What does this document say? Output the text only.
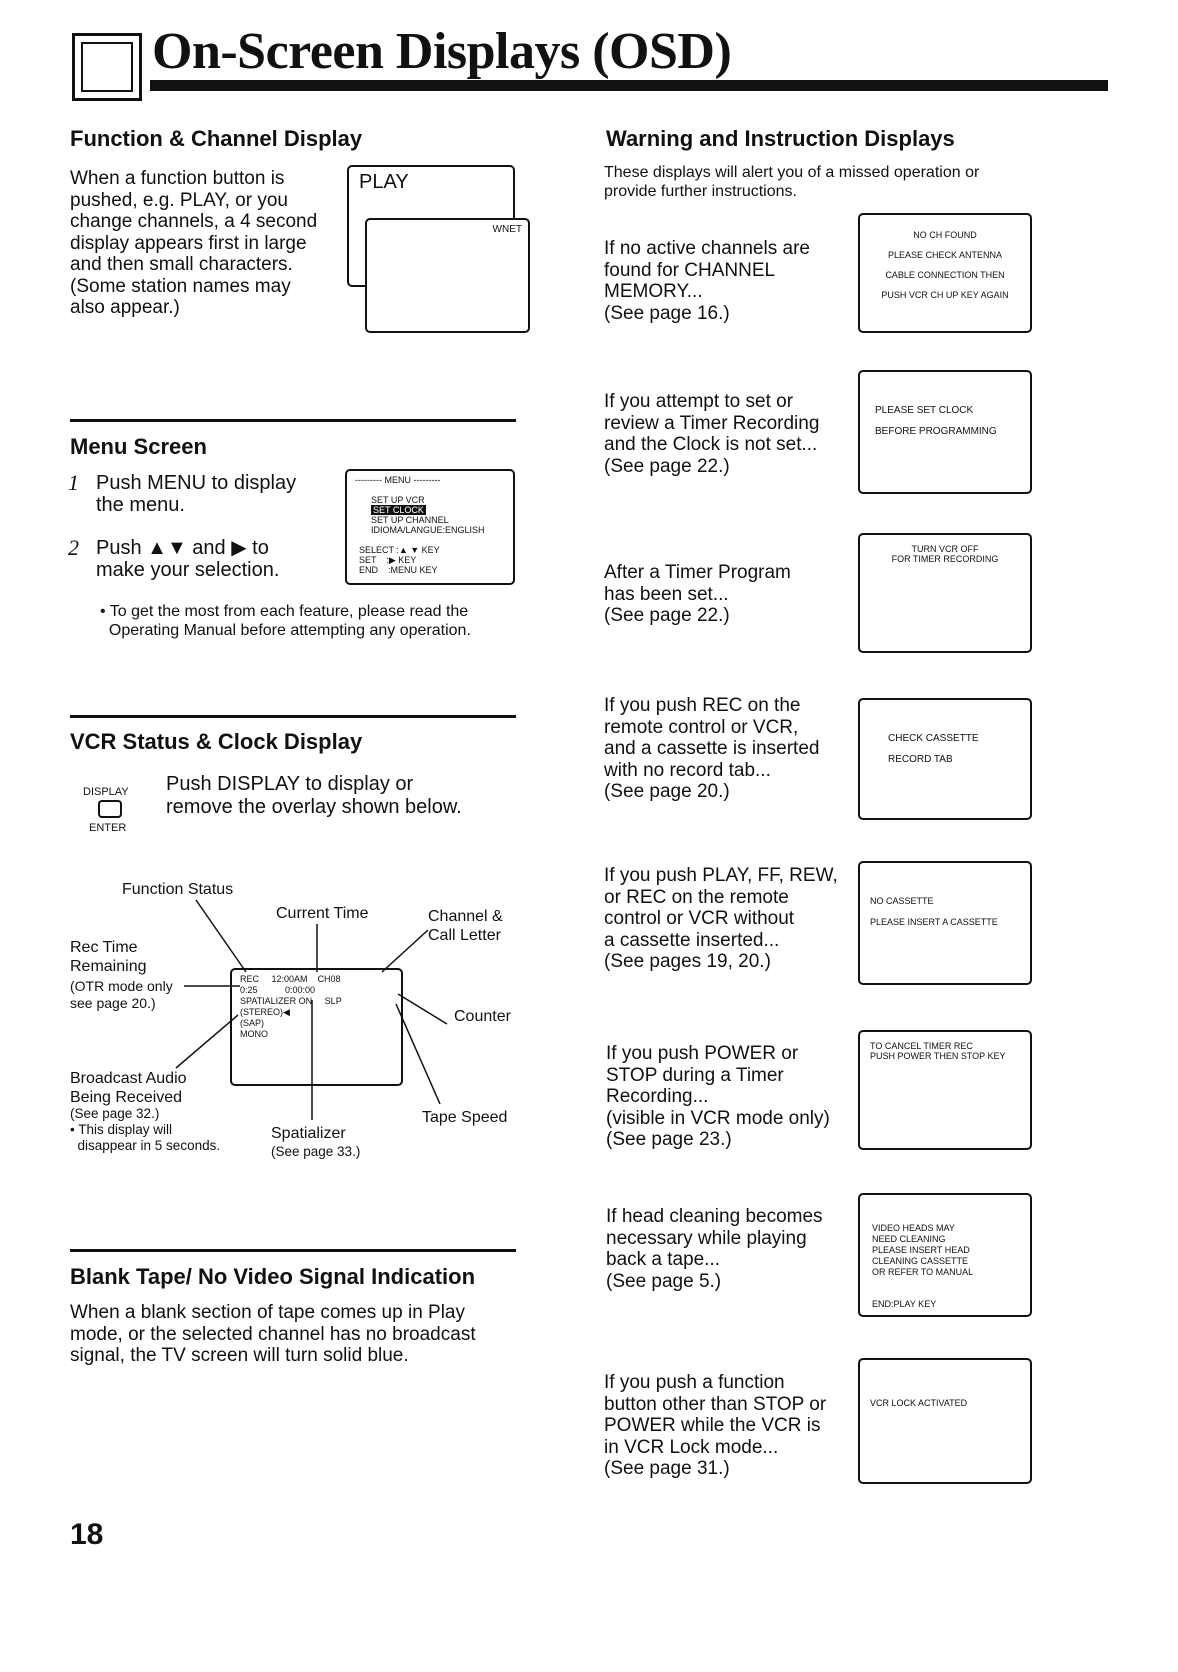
On-Screen Displays (OSD)
Function & Channel Display
When a function button is
pushed, e.g. PLAY, or you
change channels, a 4 second
display appears first in large
and then small characters.
(Some station names may
also appear.)
PLAY
WNET
Menu Screen
1 Push MENU to display
the menu.
2 Push ▲▼ and ▶ to
make your selection.
--------- MENU ---------
SET UP VCR
SET CLOCK
SET UP CHANNEL
IDIOMA/LANGUE:ENGLISH
SELECT :▲ ▼ KEY
SET    :▶ KEY
END    :MENU KEY
• To get the most from each feature, please read the
Operating Manual before attempting any operation.
VCR Status & Clock Display
DISPLAY
ENTER
Push DISPLAY to display or
remove the overlay shown below.
REC     12:00AM    CH08
0:25           0:00:00
SPATIALIZER ON     SLP
(STEREO)◀
(SAP)
MONO
Function Status
Current Time	Channel &
Call Letter
Rec Time
Remaining
(OTR mode only
see page 20.)
Counter
Broadcast Audio
Being Received
(See page 32.)
• This display will
disappear in 5 seconds.
Spatializer
(See page 33.)
Tape Speed
Blank Tape/ No Video Signal Indication
When a blank section of tape comes up in Play
mode, or the selected channel has no broadcast
signal, the TV screen will turn solid blue.
Warning and Instruction Displays
These displays will alert you of a missed operation or
provide further instructions.
If no active channels are
found for CHANNEL
MEMORY...
(See page 16.)
NO CH FOUND
PLEASE CHECK ANTENNA
CABLE CONNECTION THEN
PUSH VCR CH UP KEY AGAIN
If you attempt to set or
review a Timer Recording
and the Clock is not set...
(See page 22.)
PLEASE SET CLOCK
BEFORE PROGRAMMING
After a Timer Program
has been set...
(See page 22.)
TURN VCR OFF
FOR TIMER RECORDING
If you push REC on the
remote control or VCR,
and a cassette is inserted
with no record tab...
(See page 20.)
CHECK CASSETTE
RECORD TAB
If you push PLAY, FF, REW,
or REC on the remote
control or VCR without
a cassette inserted...
(See pages 19, 20.)
NO CASSETTE
PLEASE INSERT A CASSETTE
If you push POWER or
STOP during a Timer
Recording...
(visible in VCR mode only)
(See page 23.)
TO CANCEL TIMER REC
PUSH POWER THEN STOP KEY
If head cleaning becomes
necessary while playing
back a tape...
(See page 5.)
VIDEO HEADS MAY
NEED CLEANING
PLEASE INSERT HEAD
CLEANING CASSETTE
OR REFER TO MANUAL
END:PLAY KEY
If you push a function
button other than STOP or
POWER while the VCR is
in VCR Lock mode...
(See page 31.)
VCR LOCK ACTIVATED
18
